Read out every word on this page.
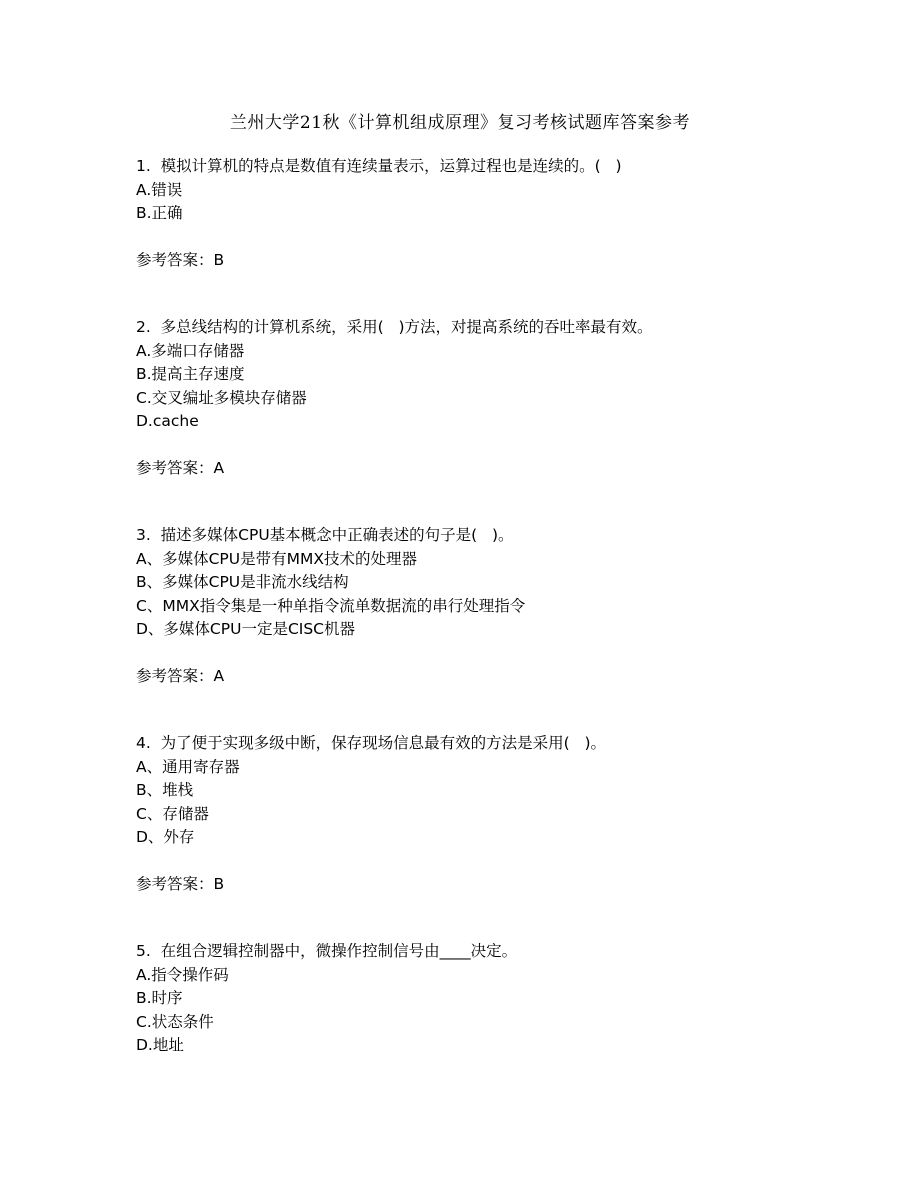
兰州大学21秋《计算机组成原理》复习考核试题库答案参考
1.  模拟计算机的特点是数值有连续量表示，运算过程也是连续的。(   )
A.错误
B.正确
参考答案：B
2.  多总线结构的计算机系统，采用(   )方法，对提高系统的吞吐率最有效。
A.多端口存储器
B.提高主存速度
C.交叉编址多模块存储器
D.cache
参考答案：A
3.  描述多媒体CPU基本概念中正确表述的句子是(   )。
A、多媒体CPU是带有MMX技术的处理器
B、多媒体CPU是非流水线结构
C、MMX指令集是一种单指令流单数据流的串行处理指令
D、多媒体CPU一定是CISC机器
参考答案：A
4.  为了便于实现多级中断，保存现场信息最有效的方法是采用(   )。
A、通用寄存器
B、堆栈
C、存储器
D、外存
参考答案：B
5.  在组合逻辑控制器中，微操作控制信号由____决定。
A.指令操作码
B.时序
C.状态条件
D.地址
